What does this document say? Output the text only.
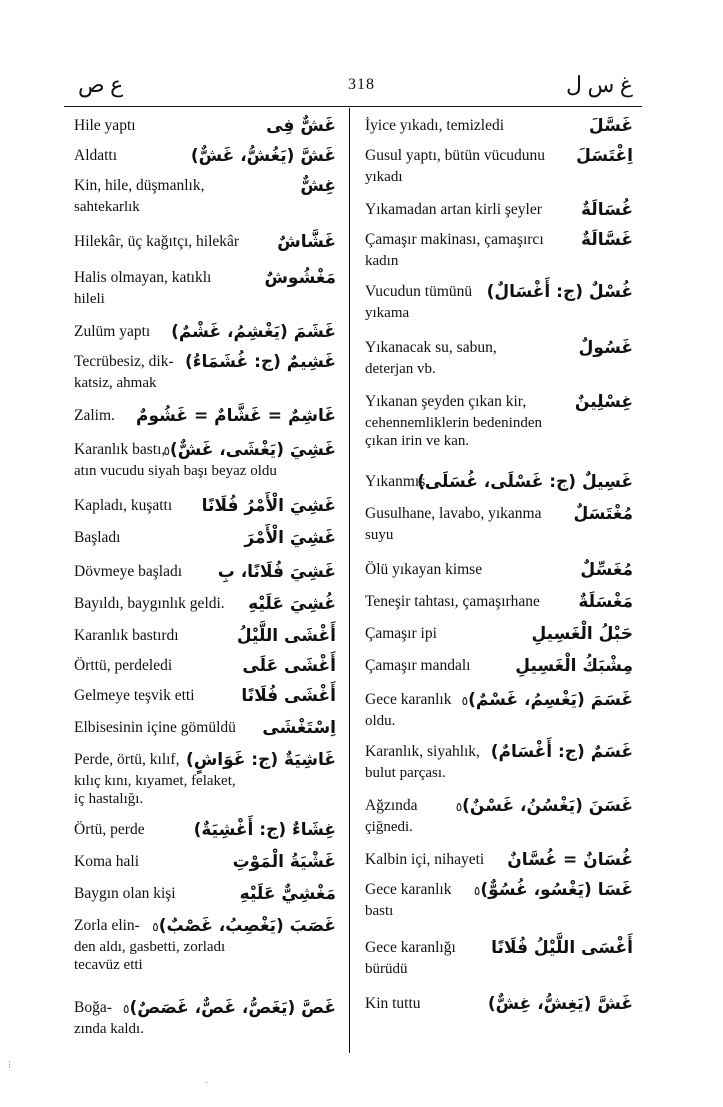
ع ص	318	غ س ل
غَشٌّ فِى
Hile yaptı
غَشَّ (يَغُشُّ، غَشٌّ)
Aldattı
غِشٌّ
Kin, hile, düşmanlık,
sahtekarlık
غَشَّاشٌ
Hilekâr, üç kağıtçı, hilekâr
مَغْشُوشٌ
Halis olmayan, katıklı
hileli
غَشَمَ (يَغْشِمُ، غَشْمٌ)
Zulüm yaptı
غَشِيمٌ (ج: غُشَمَاءُ)
Tecrübesiz, dik-
katsiz, ahmak
غَاشِمٌ = غَشَّامٌ = غَشُومٌ
Zalim.
غَشِيَ (يَغْشَى، غَشٌّ)٥
Karanlık bastı,
atın vucudu siyah başı beyaz oldu
غَشِيَ الْأَمْرُ فُلَانًا
Kapladı, kuşattı
غَشِيَ الْأَمْرَ
Başladı
غَشِيَ فُلَانًا، بِ
Dövmeye başladı
غُشِيَ عَلَيْهِ
Bayıldı, baygınlık geldi.
أَغْشَى اللَّيْلُ
Karanlık bastırdı
أَغْشَى عَلَى
Örttü, perdeledi
أَغْشَى فُلَانًا
Gelmeye teşvik etti
اِسْتَغْشَى
Elbisesinin içine gömüldü
غَاشِيَةٌ (ج: غَوَاشٍ)
Perde, örtü, kılıf,
kılıç kını, kıyamet, felaket,
iç hastalığı.
غِشَاءٌ (ج: أَغْشِيَةٌ)
Örtü, perde
غَشْيَةُ الْمَوْتِ
Koma hali
مَغْشِيٌّ عَلَيْهِ
Baygın olan kişi
غَصَبَ (يَغْصِبُ، غَصْبٌ)٥
Zorla elin-
den aldı, gasbetti, zorladı
tecavüz etti
غَصَّ (يَغَصُّ، غَصٌّ، غَصَصٌ)٥
Boğa-
zında kaldı.
غَسَّلَ
İyice yıkadı, temizledi
اِغْتَسَلَ
Gusul yaptı, bütün vücudunu
yıkadı
غُسَالَةٌ
Yıkamadan artan kirli şeyler
غَسَّالَةٌ
Çamaşır makinası, çamaşırcı
kadın
غُسْلٌ (ج: أَغْسَالٌ)
Vucudun tümünü
yıkama
غَسُولٌ
Yıkanacak su, sabun,
deterjan vb.
غِسْلِينٌ
Yıkanan şeyden çıkan kir,
cehennemliklerin bedeninden
çıkan irin ve kan.
غَسِيلٌ (ج: غَسْلَى، غُسَلَى)
Yıkanmış
مُغْتَسَلٌ
Gusulhane, lavabo, yıkanma
suyu
مُغَسِّلٌ
Ölü yıkayan kimse
مَغْسَلَةٌ
Teneşir tahtası, çamaşırhane
حَبْلُ الْغَسِيلِ
Çamaşır ipi
مِشْبَكُ الْغَسِيلِ
Çamaşır mandalı
غَسَمَ (يَغْسِمُ، غَسْمٌ)٥
Gece karanlık
oldu.
غَسَمٌ (ج: أَغْسَامٌ)
Karanlık, siyahlık,
bulut parçası.
غَسَنَ (يَغْسُنُ، غَسْنٌ)٥
Ağzında
çiğnedi.
غُسَانٌ = غُسَّانٌ
Kalbin içi, nihayeti
غَسَا (يَغْسُو، غُسُوٌّ)٥
Gece karanlık
bastı
أَغْسَى اللَّيْلُ فُلَانًا
Gece karanlığı
bürüdü
غَشَّ (يَغِشُّ، غِشٌّ)
Kin tuttu
·
⁝
